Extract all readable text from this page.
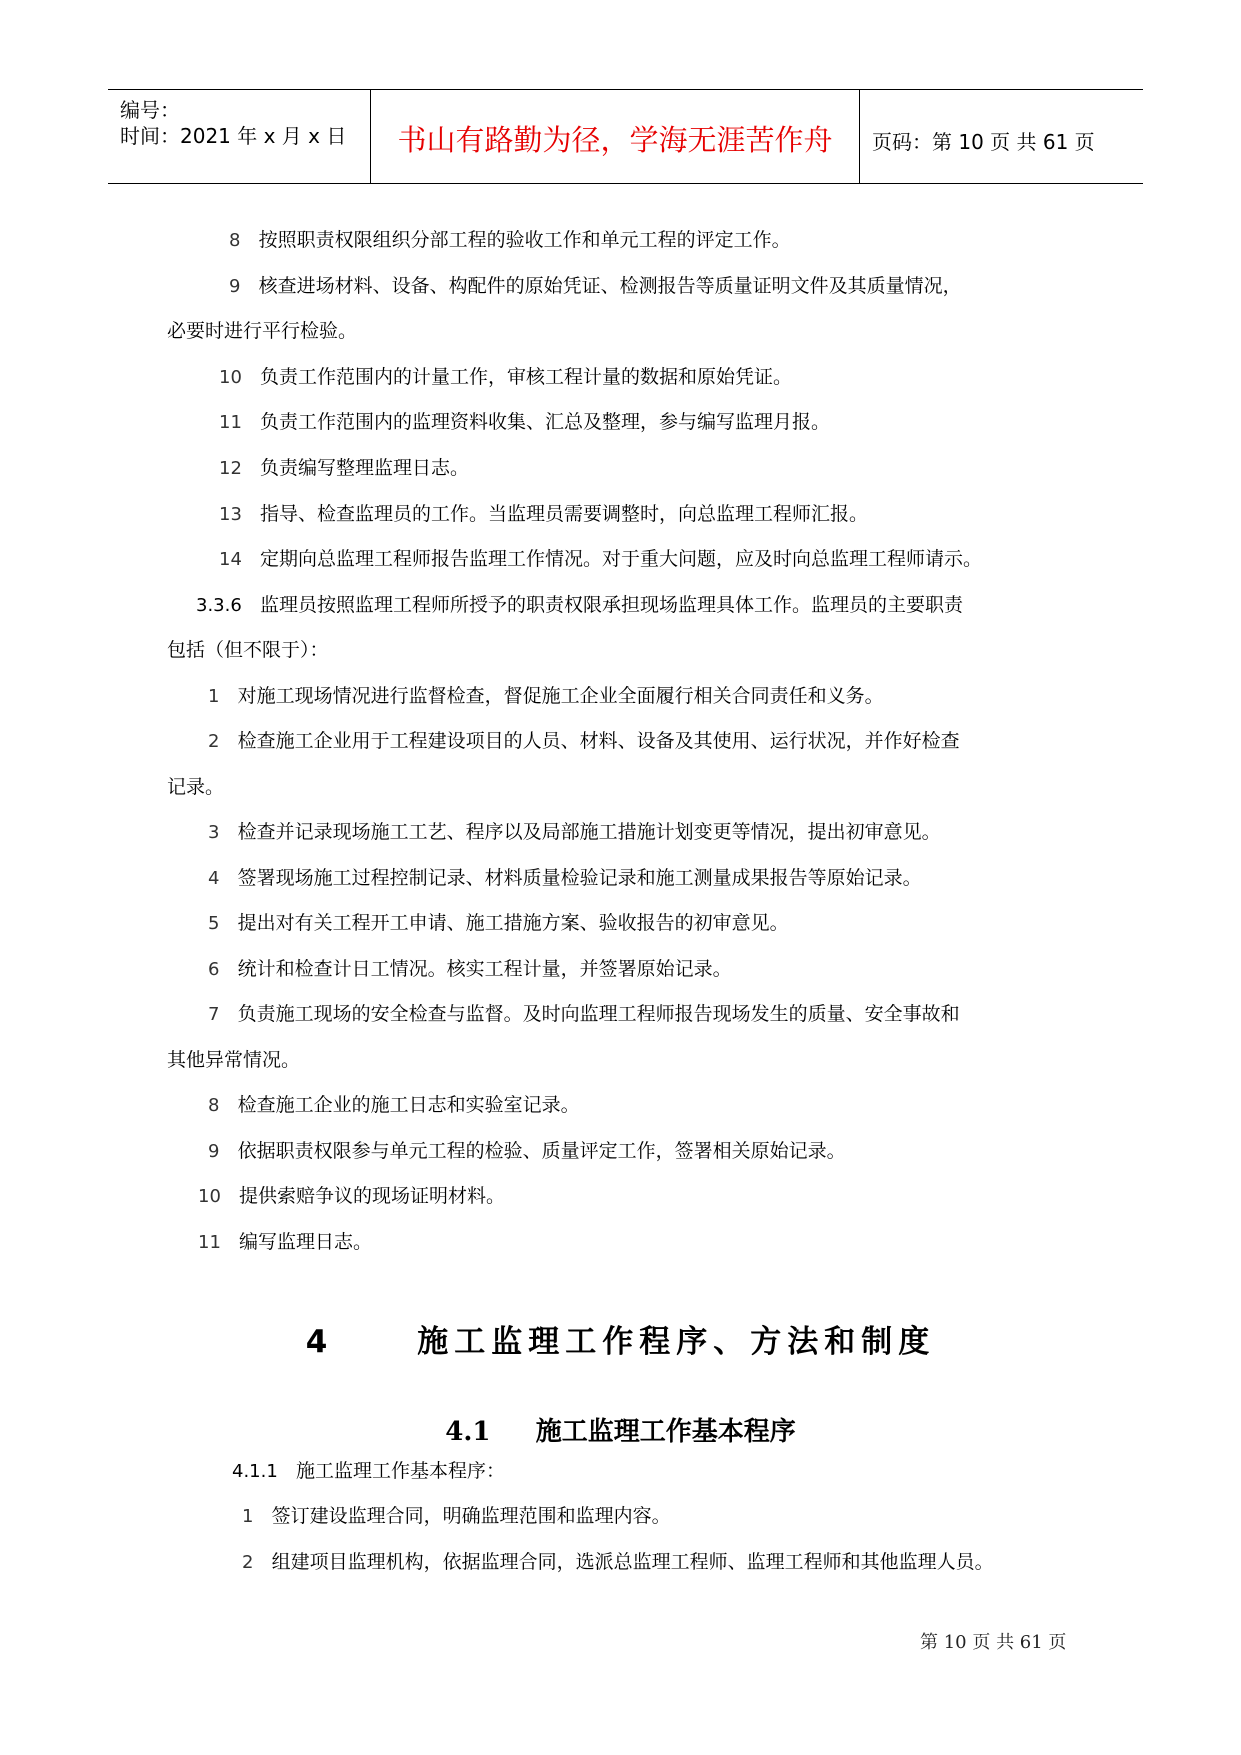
编号：
时间：2021 年 x 月 x 日	书山有路勤为径，学海无涯苦作舟	页码：第 10 页 共 61 页
8 按照职责权限组织分部工程的验收工作和单元工程的评定工作。
9 核查进场材料、设备、构配件的原始凭证、检测报告等质量证明文件及其质量情况，
必要时进行平行检验。
10 负责工作范围内的计量工作，审核工程计量的数据和原始凭证。
11 负责工作范围内的监理资料收集、汇总及整理，参与编写监理月报。
12 负责编写整理监理日志。
13 指导、检查监理员的工作。当监理员需要调整时，向总监理工程师汇报。
14 定期向总监理工程师报告监理工作情况。对于重大问题，应及时向总监理工程师请示。
3.3.6 监理员按照监理工程师所授予的职责权限承担现场监理具体工作。监理员的主要职责
包括（但不限于）：
1 对施工现场情况进行监督检查，督促施工企业全面履行相关合同责任和义务。
2 检查施工企业用于工程建设项目的人员、材料、设备及其使用、运行状况，并作好检查
记录。
3 检查并记录现场施工工艺、程序以及局部施工措施计划变更等情况，提出初审意见。
4 签署现场施工过程控制记录、材料质量检验记录和施工测量成果报告等原始记录。
5 提出对有关工程开工申请、施工措施方案、验收报告的初审意见。
6 统计和检查计日工情况。核实工程计量，并签署原始记录。
7 负责施工现场的安全检查与监督。及时向监理工程师报告现场发生的质量、安全事故和
其他异常情况。
8 检查施工企业的施工日志和实验室记录。
9 依据职责权限参与单元工程的检验、质量评定工作，签署相关原始记录。
10 提供索赔争议的现场证明材料。
11 编写监理日志。
4     施工监理工作程序、方法和制度
4.1     施工监理工作基本程序
4.1.1 施工监理工作基本程序：
1 签订建设监理合同，明确监理范围和监理内容。
2 组建项目监理机构，依据监理合同，选派总监理工程师、监理工程师和其他监理人员。
第 10 页 共 61 页
